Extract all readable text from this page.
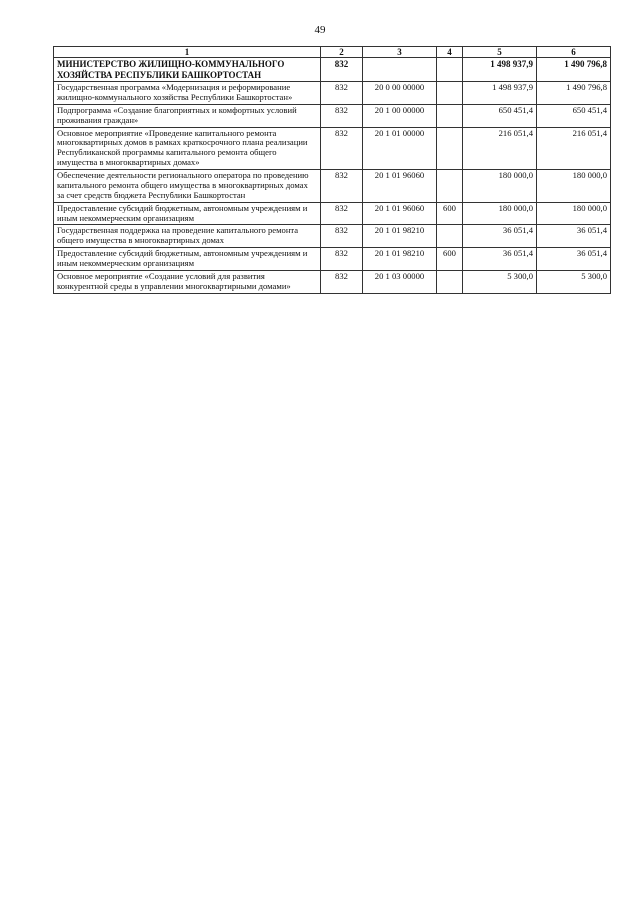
49
1	2	3	4	5	6
МИНИСТЕРСТВО ЖИЛИЩНО-КОММУНАЛЬНОГО ХОЗЯЙСТВА РЕСПУБЛИКИ БАШКОРТОСТАН	832			1 498 937,9	1 490 796,8
Государственная программа «Модернизация и реформирование жилищно-коммунального хозяйства Республики Башкортостан»	832	20 0 00 00000		1 498 937,9	1 490 796,8
Подпрограмма «Создание благоприятных и комфортных условий проживания граждан»	832	20 1 00 00000		650 451,4	650 451,4
Основное мероприятие «Проведение капитального ремонта многоквартирных домов в рамках краткосрочного плана реализации Республиканской программы капитального ремонта общего имущества в многоквартирных домах»	832	20 1 01 00000		216 051,4	216 051,4
Обеспечение деятельности регионального оператора по проведению капитального ремонта общего имущества в многоквартирных домах за счет средств бюджета Республики Башкортостан	832	20 1 01 96060		180 000,0	180 000,0
Предоставление субсидий бюджетным, автономным учреждениям и иным некоммерческим организациям	832	20 1 01 96060	600	180 000,0	180 000,0
Государственная поддержка на проведение капитального ремонта общего имущества в многоквартирных домах	832	20 1 01 98210		36 051,4	36 051,4
Предоставление субсидий бюджетным, автономным учреждениям и иным некоммерческим организациям	832	20 1 01 98210	600	36 051,4	36 051,4
Основное мероприятие «Создание условий для развития конкурентной среды в управлении многоквартирными домами»	832	20 1 03 00000		5 300,0	5 300,0
